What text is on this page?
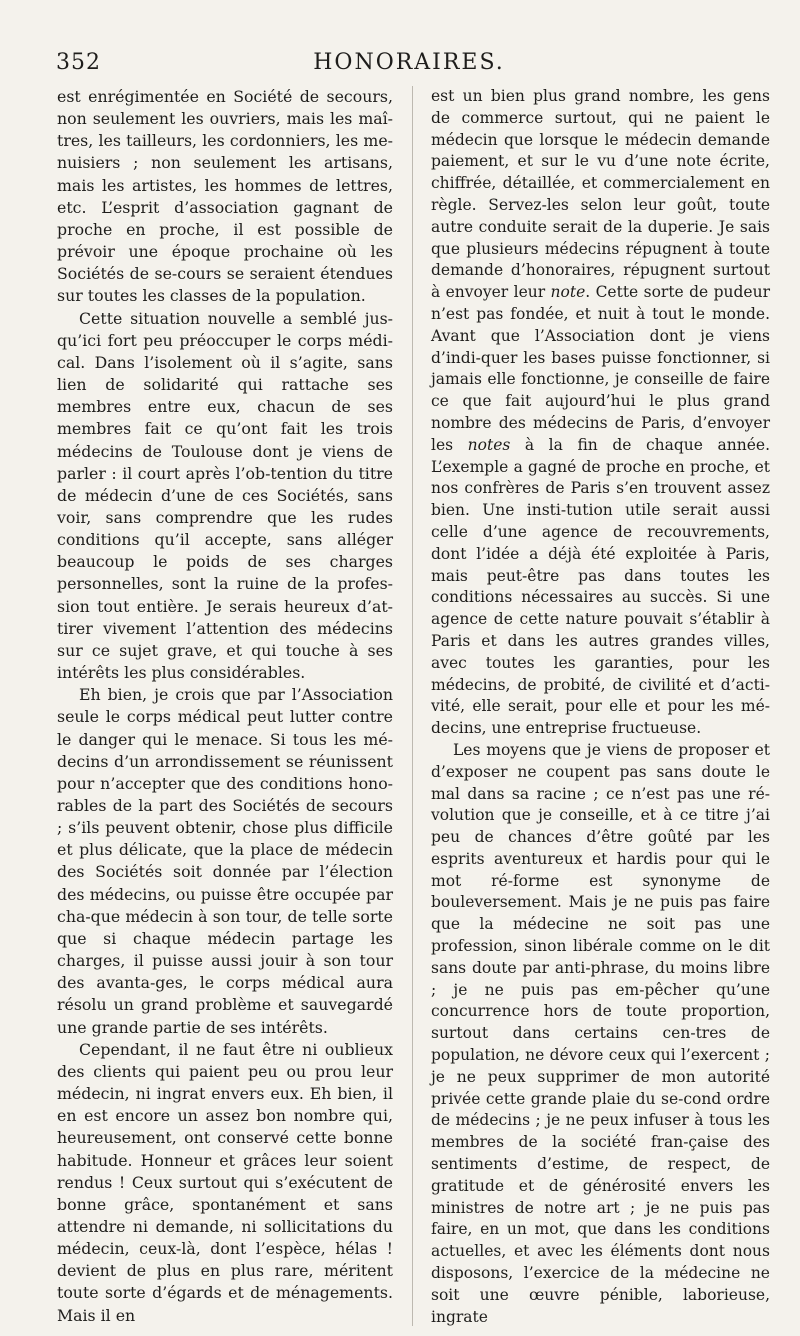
352	HONORAIRES.

est enrégimentée en Société de secours, non seulement les ouvriers, mais les maî-tres, les tailleurs, les cordonniers, les me-nuisiers ; non seulement les artisans, mais les artistes, les hommes de lettres, etc. L’esprit d’association gagnant de proche en proche, il est possible de prévoir une époque prochaine où les Sociétés de se-cours se seraient étendues sur toutes les classes de la population.

Cette situation nouvelle a semblé jus-qu’ici fort peu préoccuper le corps médi-cal. Dans l’isolement où il s’agite, sans lien de solidarité qui rattache ses membres entre eux, chacun de ses membres fait ce qu’ont fait les trois médecins de Toulouse dont je viens de parler : il court après l’ob-tention du titre de médecin d’une de ces Sociétés, sans voir, sans comprendre que les rudes conditions qu’il accepte, sans alléger beaucoup le poids de ses charges personnelles, sont la ruine de la profes-sion tout entière. Je serais heureux d’at-tirer vivement l’attention des médecins sur ce sujet grave, et qui touche à ses intérêts les plus considérables.

Eh bien, je crois que par l’Association seule le corps médical peut lutter contre le danger qui le menace. Si tous les mé-decins d’un arrondissement se réunissent pour n’accepter que des conditions hono-rables de la part des Sociétés de secours ; s’ils peuvent obtenir, chose plus difficile et plus délicate, que la place de médecin des Sociétés soit donnée par l’élection des médecins, ou puisse être occupée par cha-que médecin à son tour, de telle sorte que si chaque médecin partage les charges, il puisse aussi jouir à son tour des avanta-ges, le corps médical aura résolu un grand problème et sauvegardé une grande partie de ses intérêts.

Cependant, il ne faut être ni oublieux des clients qui paient peu ou prou leur médecin, ni ingrat envers eux. Eh bien, il en est encore un assez bon nombre qui, heureusement, ont conservé cette bonne habitude. Honneur et grâces leur soient rendus ! Ceux surtout qui s’exécutent de bonne grâce, spontanément et sans attendre ni demande, ni sollicitations du médecin, ceux-là, dont l’espèce, hélas ! devient de plus en plus rare, méritent toute sorte d’égards et de ménagements. Mais il en

est un bien plus grand nombre, les gens de commerce surtout, qui ne paient le médecin que lorsque le médecin demande paiement, et sur le vu d’une note écrite, chiffrée, détaillée, et commercialement en règle. Servez-les selon leur goût, toute autre conduite serait de la duperie. Je sais que plusieurs médecins répugnent à toute demande d’honoraires, répugnent surtout à envoyer leur note. Cette sorte de pudeur n’est pas fondée, et nuit à tout le monde. Avant que l’Association dont je viens d’indi-quer les bases puisse fonctionner, si jamais elle fonctionne, je conseille de faire ce que fait aujourd’hui le plus grand nombre des médecins de Paris, d’envoyer les notes à la fin de chaque année. L’exemple a gagné de proche en proche, et nos confrères de Paris s’en trouvent assez bien. Une insti-tution utile serait aussi celle d’une agence de recouvrements, dont l’idée a déjà été exploitée à Paris, mais peut-être pas dans toutes les conditions nécessaires au succès. Si une agence de cette nature pouvait s’établir à Paris et dans les autres grandes villes, avec toutes les garanties, pour les médecins, de probité, de civilité et d’acti-vité, elle serait, pour elle et pour les mé-decins, une entreprise fructueuse.

Les moyens que je viens de proposer et d’exposer ne coupent pas sans doute le mal dans sa racine ; ce n’est pas une ré-volution que je conseille, et à ce titre j’ai peu de chances d’être goûté par les esprits aventureux et hardis pour qui le mot ré-forme est synonyme de bouleversement. Mais je ne puis pas faire que la médecine ne soit pas une profession, sinon libérale comme on le dit sans doute par anti-phrase, du moins libre ; je ne puis pas em-pêcher qu’une concurrence hors de toute proportion, surtout dans certains cen-tres de population, ne dévore ceux qui l’exercent ; je ne peux supprimer de mon autorité privée cette grande plaie du se-cond ordre de médecins ; je ne peux infuser à tous les membres de la société fran-çaise des sentiments d’estime, de respect, de gratitude et de générosité envers les ministres de notre art ; je ne puis pas faire, en un mot, que dans les conditions actuelles, et avec les éléments dont nous disposons, l’exercice de la médecine ne soit une œuvre pénible, laborieuse, ingrate
